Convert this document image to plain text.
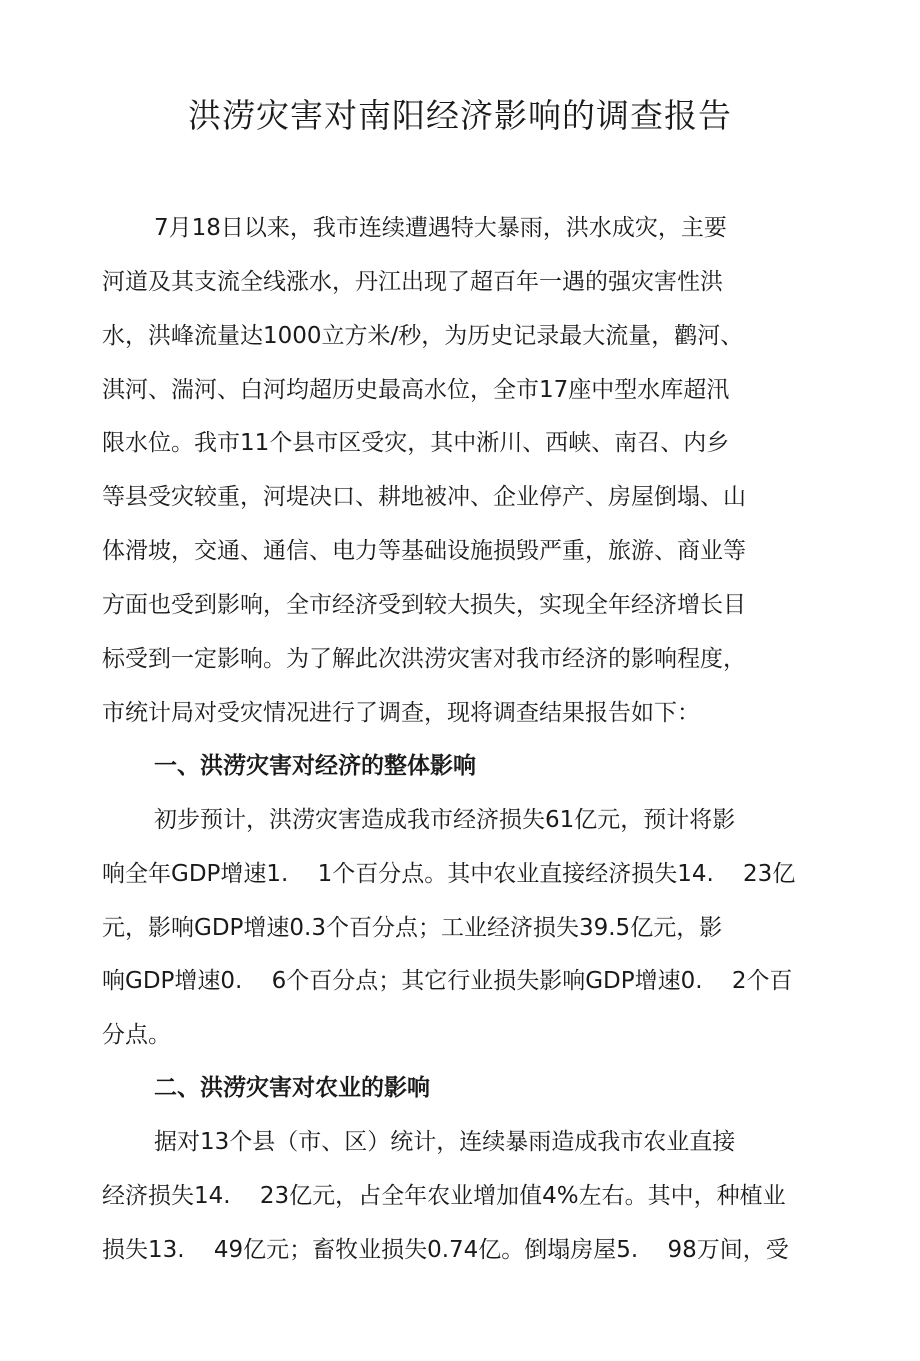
洪涝灾害对南阳经济影响的调查报告

7月18日以来，我市连续遭遇特大暴雨，洪水成灾，主要

河道及其支流全线涨水，丹江出现了超百年一遇的强灾害性洪

水，洪峰流量达1000立方米/秒，为历史记录最大流量，鹳河、

淇河、湍河、白河均超历史最高水位，全市17座中型水库超汛

限水位。我市11个县市区受灾，其中淅川、西峡、南召、内乡

等县受灾较重，河堤决口、耕地被冲、企业停产、房屋倒塌、山

体滑坡，交通、通信、电力等基础设施损毁严重，旅游、商业等

方面也受到影响，全市经济受到较大损失，实现全年经济增长目

标受到一定影响。为了解此次洪涝灾害对我市经济的影响程度，

市统计局对受灾情况进行了调查，现将调查结果报告如下：

一、洪涝灾害对经济的整体影响

初步预计，洪涝灾害造成我市经济损失61亿元，预计将影

响全年GDP增速1.    1个百分点。其中农业直接经济损失14.    23亿

元，影响GDP增速0.3个百分点；工业经济损失39.5亿元，影

响GDP增速0.    6个百分点；其它行业损失影响GDP增速0.    2个百

分点。

二、洪涝灾害对农业的影响

据对13个县（市、区）统计，连续暴雨造成我市农业直接

经济损失14.    23亿元，占全年农业增加值4%左右。其中，种植业

损失13.    49亿元；畜牧业损失0.74亿。倒塌房屋5.    98万间，受
